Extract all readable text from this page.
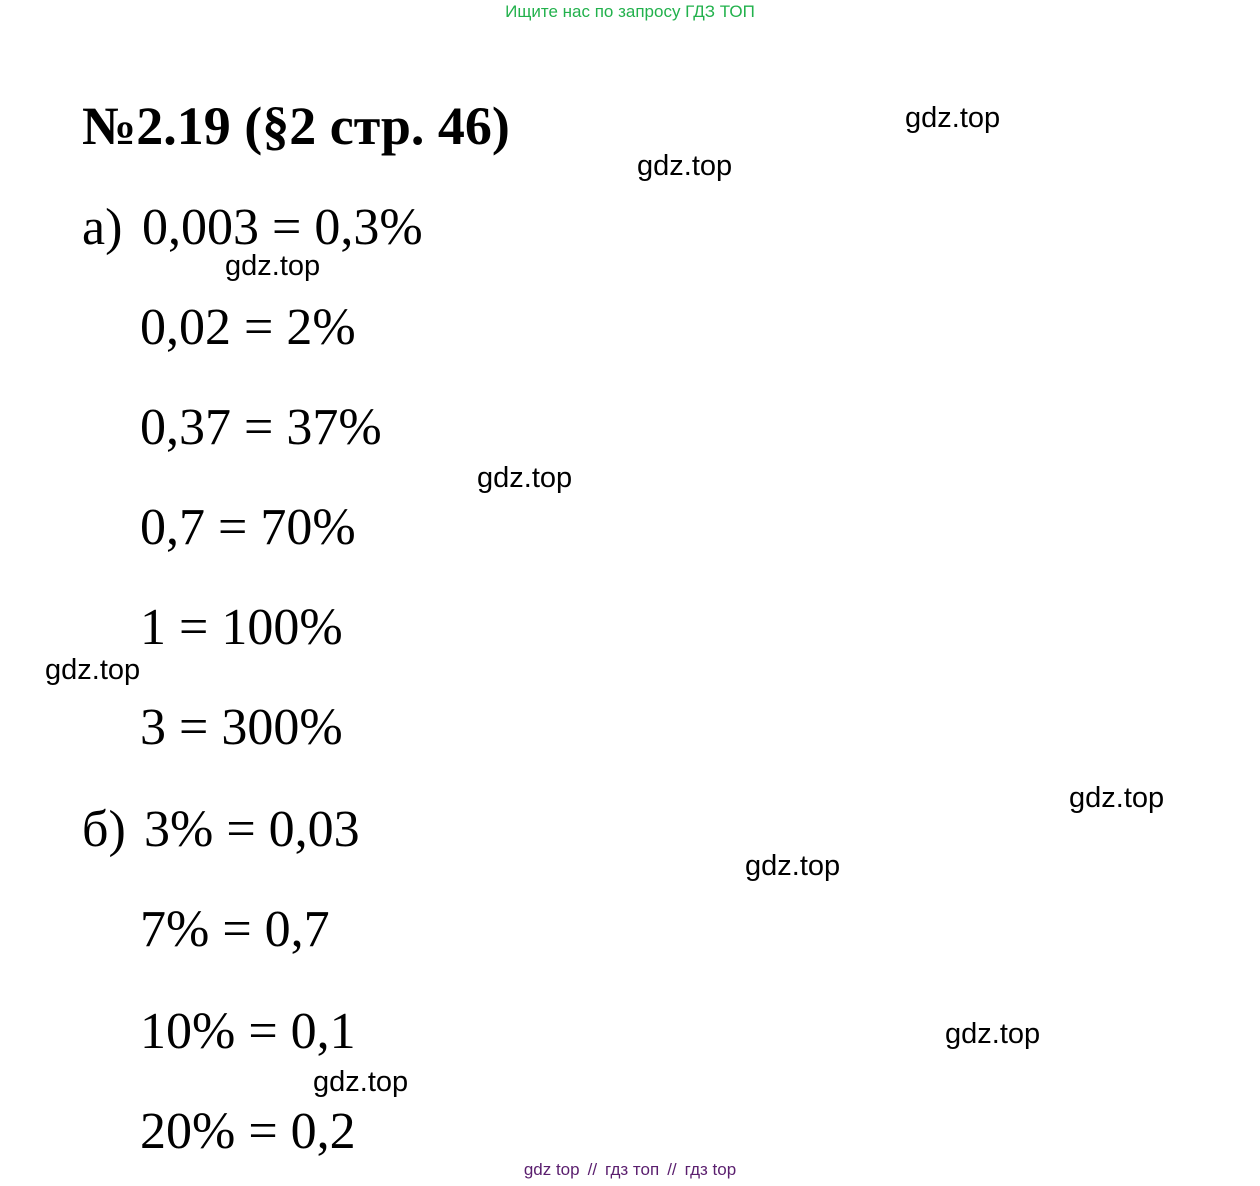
Ищите нас по запросу ГДЗ ТОП
№2.19 (§2 стр. 46)
а) 0,003 = 0,3%
0,02 = 2%
0,37 = 37%
0,7 = 70%
1 = 100%
3 = 300%
б) 3% = 0,03
7% = 0,7
10% = 0,1
20% = 0,2
gdz.top
gdz.top
gdz.top
gdz.top
gdz.top
gdz.top
gdz.top
gdz.top
gdz.top
gdz top // гдз топ // гдз top
